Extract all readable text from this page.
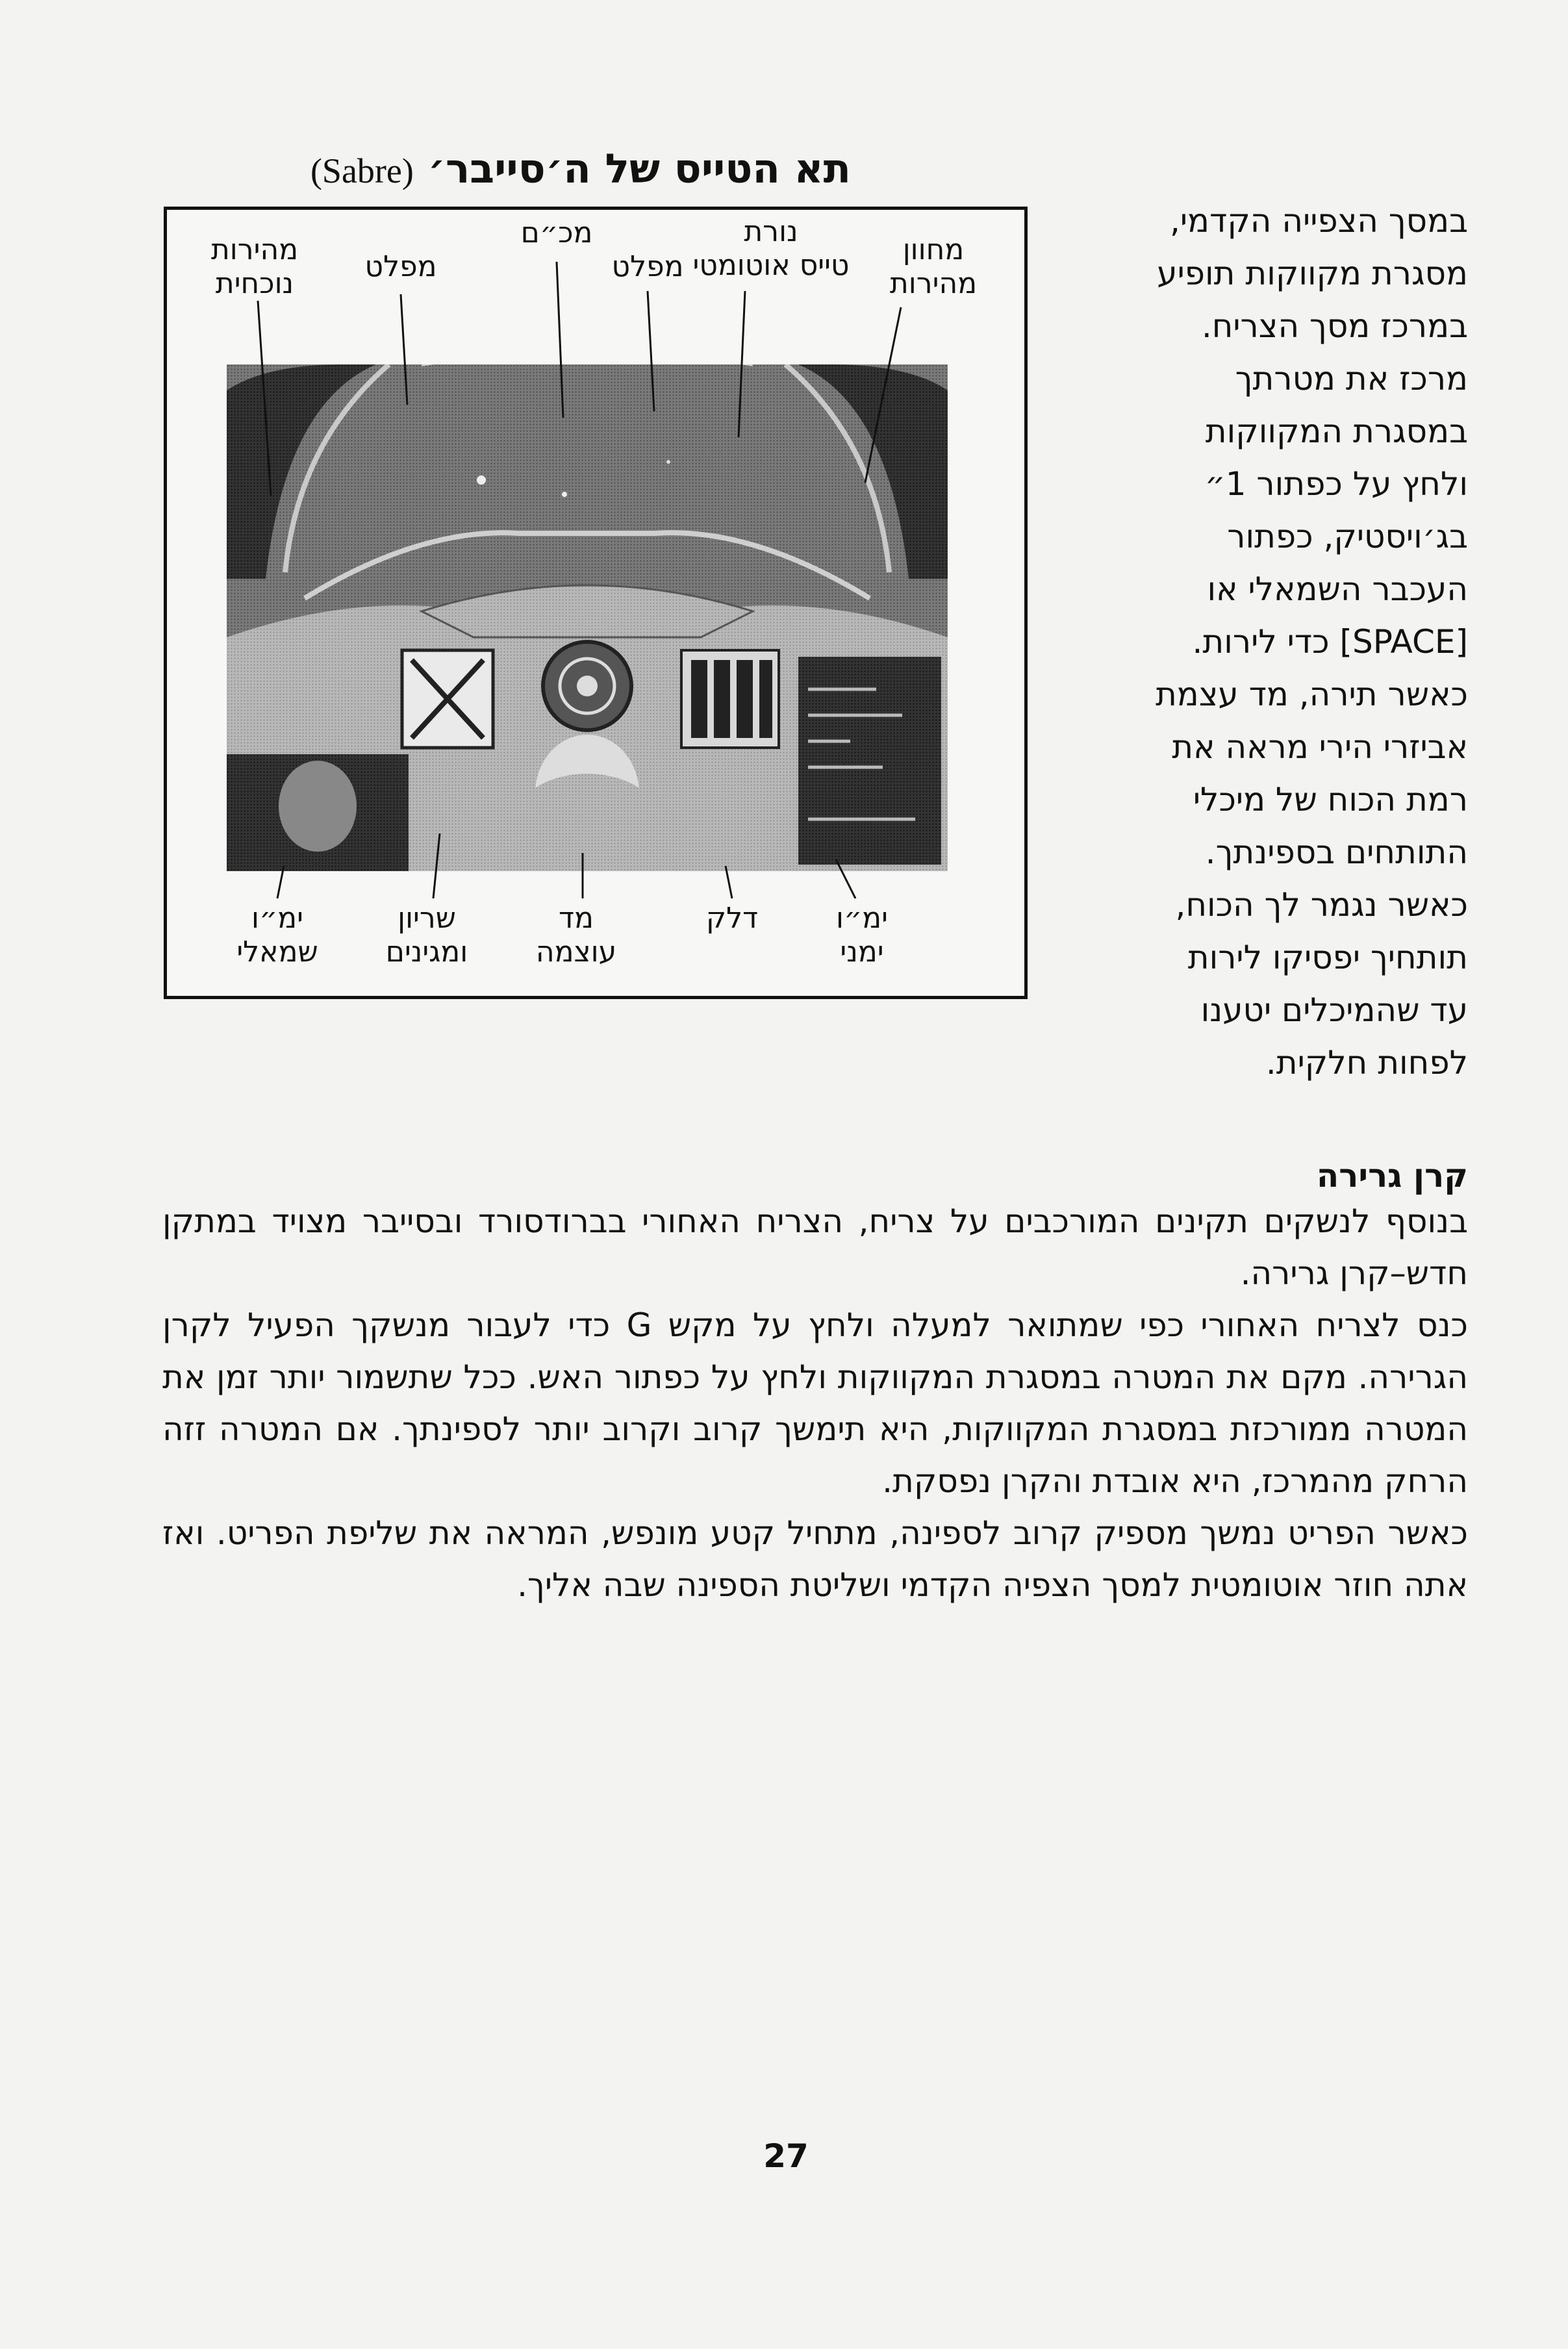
תא הטייס של ה׳סייבר׳ (Sabre)
מחוון
מהירות
נורת
טייס אוטומטי
מפלט
מכ״ם
מפלט
מהירות
נוכחית
ימ״ו
ימני
דלק
מד
עוצמה
שריון
ומגינים
ימ״ו
שמאלי

במסך הצפייה הקדמי,

מסגרת מקווקות תופיע

במרכז מסך הצריח.

מרכז את מטרתך

במסגרת המקווקות

ולחץ על כפתור 1״

בג׳ויסטיק, כפתור

העכבר השמאלי או

[SPACE] כדי לירות.

כאשר תירה, מד עצמת

אביזרי הירי מראה את

רמת הכוח של מיכלי

התותחים בספינתך.

כאשר נגמר לך הכוח,

תותחיך יפסיקו לירות

עד שהמיכלים יטענו

לפחות חלקית.

קרן גרירה

בנוסף לנשקים תקינים המורכבים על צריח, הצריח האחורי בברודסורד ובסייבר מצויד במתקן חדש–קרן גרירה.

כנס לצריח האחורי כפי שמתואר למעלה ולחץ על מקש G כדי לעבור מנשקך הפעיל לקרן הגרירה. מקם את המטרה במסגרת המקווקות ולחץ על כפתור האש. ככל שתשמור יותר זמן את המטרה ממורכזת במסגרת המקווקות, היא תימשך קרוב וקרוב יותר לספינתך. אם המטרה זזה הרחק מהמרכז, היא אובדת והקרן נפסקת.

כאשר הפריט נמשך מספיק קרוב לספינה, מתחיל קטע מונפש, המראה את שליפת הפריט. ואז אתה חוזר אוטומטית למסך הצפיה הקדמי ושליטת הספינה שבה אליך.

27
